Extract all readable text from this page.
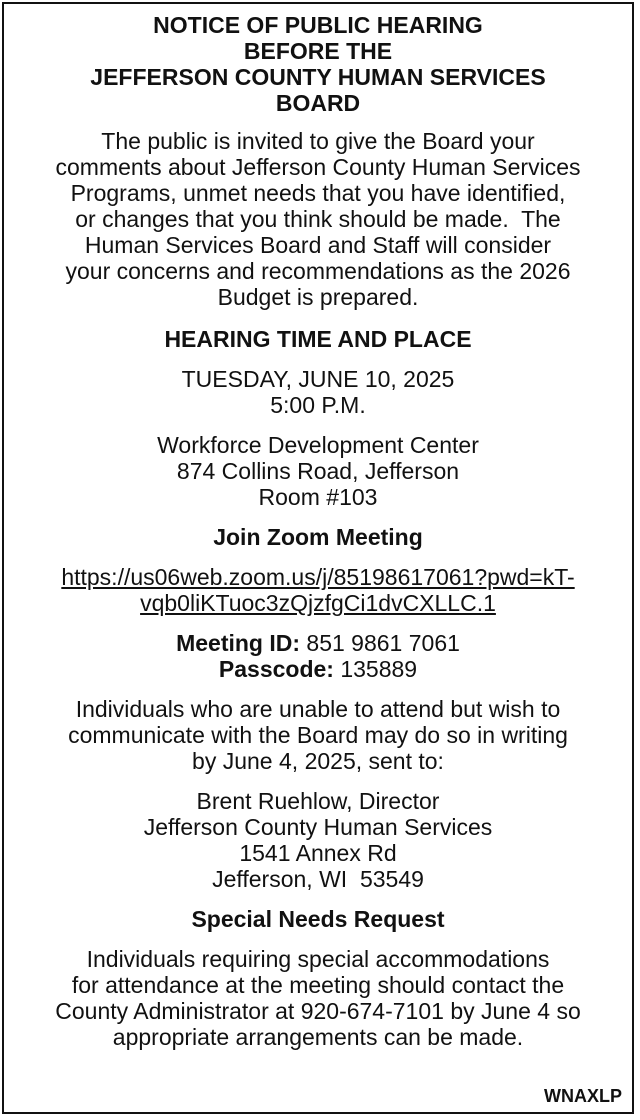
NOTICE OF PUBLIC HEARING
BEFORE THE
JEFFERSON COUNTY HUMAN SERVICES
BOARD
The public is invited to give the Board your
comments about Jefferson County Human Services
Programs, unmet needs that you have identified,
or changes that you think should be made.  The
Human Services Board and Staff will consider
your concerns and recommendations as the 2026
Budget is prepared.
HEARING TIME AND PLACE
TUESDAY, JUNE 10, 2025
5:00 P.M.
Workforce Development Center
874 Collins Road, Jefferson
Room #103
Join Zoom Meeting
https://us06web.zoom.us/j/85198617061?pwd=kT-
vqb0liKTuoc3zQjzfgCi1dvCXLLC.1
Meeting ID: 851 9861 7061
Passcode: 135889
Individuals who are unable to attend but wish to
communicate with the Board may do so in writing
by June 4, 2025, sent to:
Brent Ruehlow, Director
Jefferson County Human Services
1541 Annex Rd
Jefferson, WI  53549
Special Needs Request
Individuals requiring special accommodations
for attendance at the meeting should contact the
County Administrator at 920-674-7101 by June 4 so
appropriate arrangements can be made.
WNAXLP
